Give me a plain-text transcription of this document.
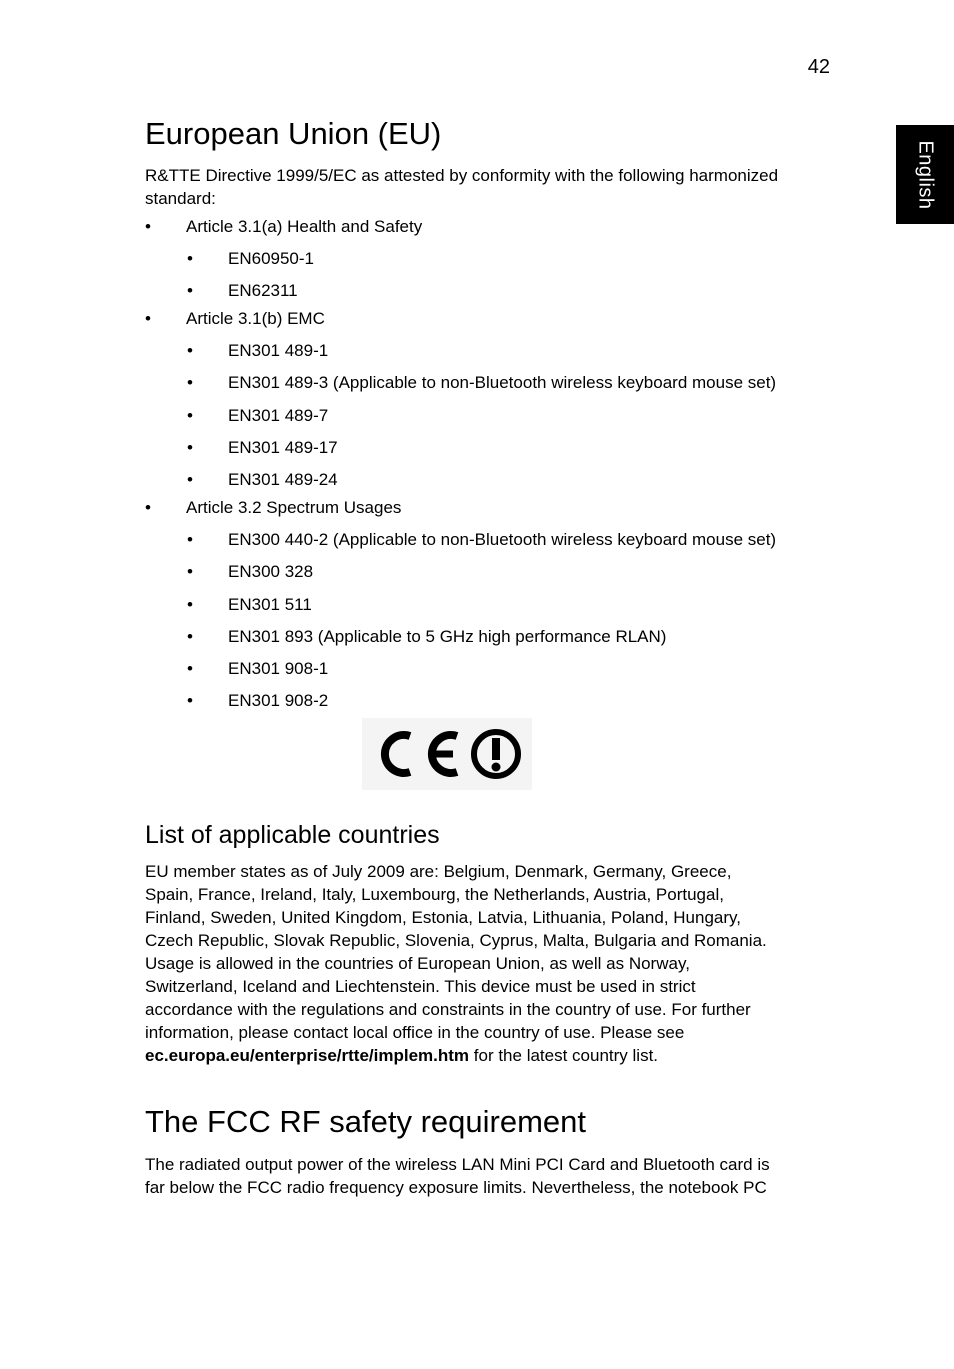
42
English
European Union (EU)

R&TTE Directive 1999/5/EC as attested by conformity with the following harmonized standard:

• Article 3.1(a) Health and Safety
• EN60950-1
• EN62311
• Article 3.1(b) EMC
• EN301 489-1
• EN301 489-3 (Applicable to non-Bluetooth wireless keyboard mouse set)
• EN301 489-7
• EN301 489-17
• EN301 489-24
• Article 3.2 Spectrum Usages
• EN300 440-2 (Applicable to non-Bluetooth wireless keyboard mouse set)
• EN300 328
• EN301 511
• EN301 893 (Applicable to 5 GHz high performance RLAN)
• EN301 908-1
• EN301 908-2
List of applicable countries
EU member states as of July 2009 are: Belgium, Denmark, Germany, Greece,
Spain, France, Ireland, Italy, Luxembourg, the Netherlands, Austria, Portugal,
Finland, Sweden, United Kingdom, Estonia, Latvia, Lithuania, Poland, Hungary,
Czech Republic, Slovak Republic, Slovenia, Cyprus, Malta, Bulgaria and Romania.
Usage is allowed in the countries of European Union, as well as Norway,
Switzerland, Iceland and Liechtenstein. This device must be used in strict
accordance with the regulations and constraints in the country of use. For further
information, please contact local office in the country of use. Please see
ec.europa.eu/enterprise/rtte/implem.htm for the latest country list.
The FCC RF safety requirement
The radiated output power of the wireless LAN Mini PCI Card and Bluetooth card is
far below the FCC radio frequency exposure limits. Nevertheless, the notebook PC
